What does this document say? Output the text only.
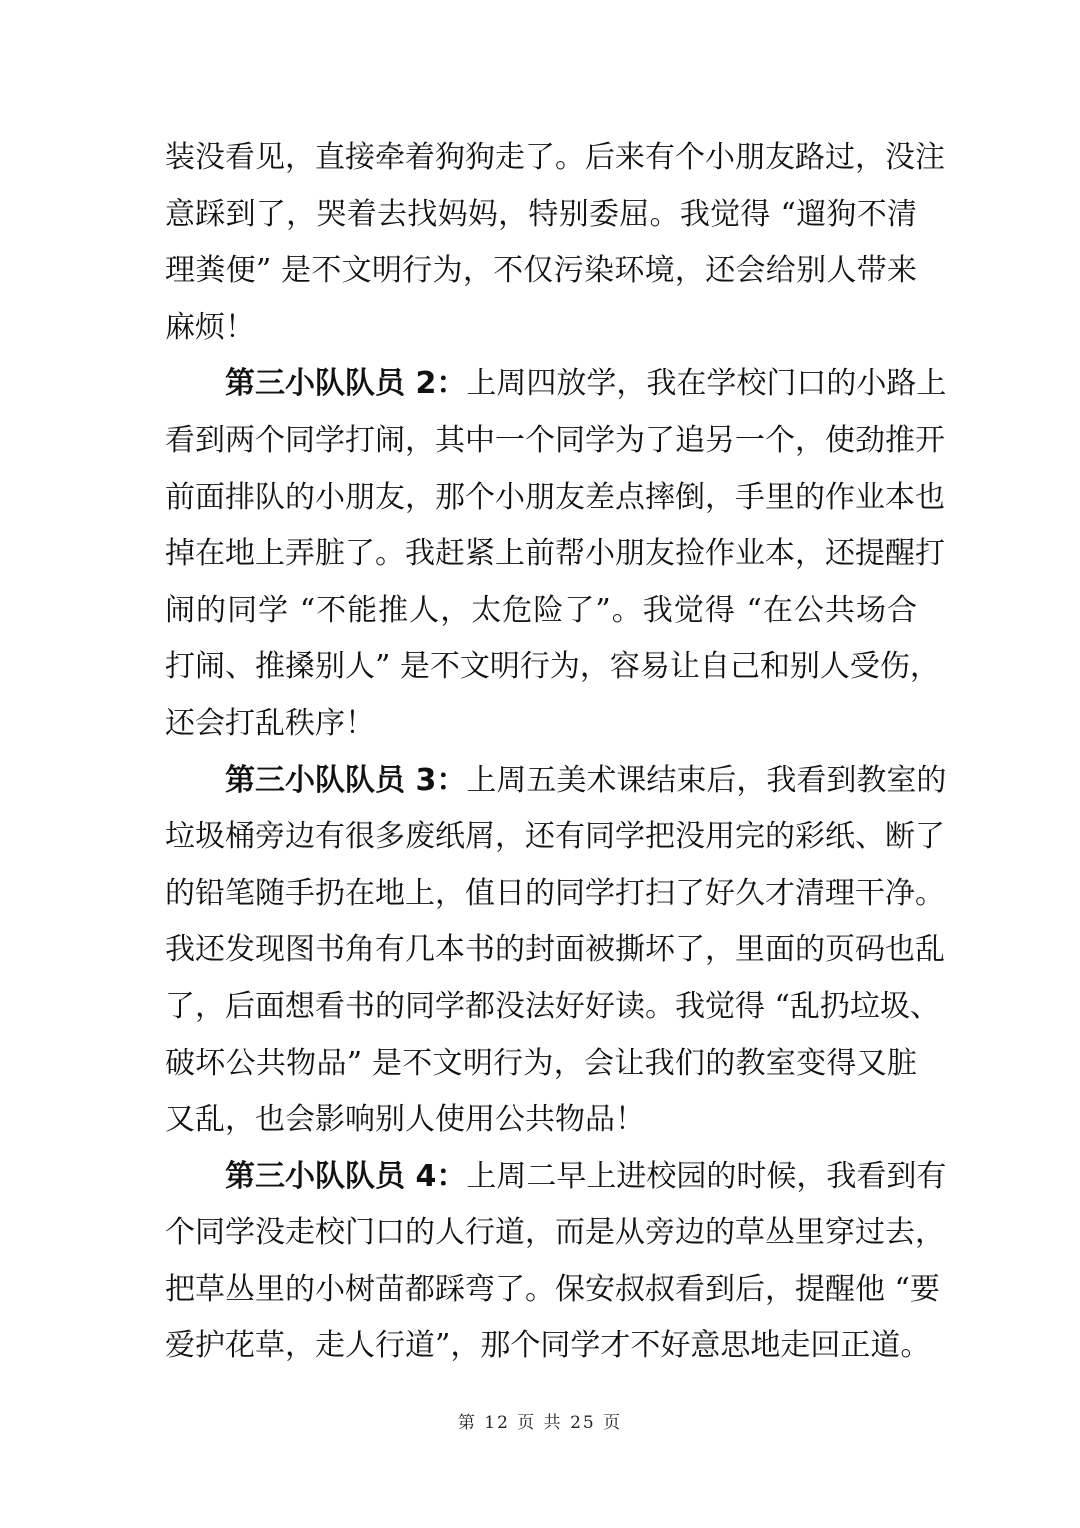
装没看见，直接牵着狗狗走了。后来有个小朋友路过，没注
意踩到了，哭着去找妈妈，特别委屈。我觉得 “遛狗不清
理粪便” 是不文明行为，不仅污染环境，还会给别人带来
麻烦！
第三小队队员 2：上周四放学，我在学校门口的小路上
看到两个同学打闹，其中一个同学为了追另一个，使劲推开
前面排队的小朋友，那个小朋友差点摔倒，手里的作业本也
掉在地上弄脏了。我赶紧上前帮小朋友捡作业本，还提醒打
闹的同学 “不能推人，太危险了”。我觉得 “在公共场合
打闹、推搡别人” 是不文明行为，容易让自己和别人受伤，
还会打乱秩序！
第三小队队员 3：上周五美术课结束后，我看到教室的
垃圾桶旁边有很多废纸屑，还有同学把没用完的彩纸、断了
的铅笔随手扔在地上，值日的同学打扫了好久才清理干净。
我还发现图书角有几本书的封面被撕坏了，里面的页码也乱
了，后面想看书的同学都没法好好读。我觉得 “乱扔垃圾、
破坏公共物品” 是不文明行为，会让我们的教室变得又脏
又乱，也会影响别人使用公共物品！
第三小队队员 4：上周二早上进校园的时候，我看到有
个同学没走校门口的人行道，而是从旁边的草丛里穿过去，
把草丛里的小树苗都踩弯了。保安叔叔看到后，提醒他 “要
爱护花草，走人行道”，那个同学才不好意思地走回正道。
第 12 页 共 25 页
